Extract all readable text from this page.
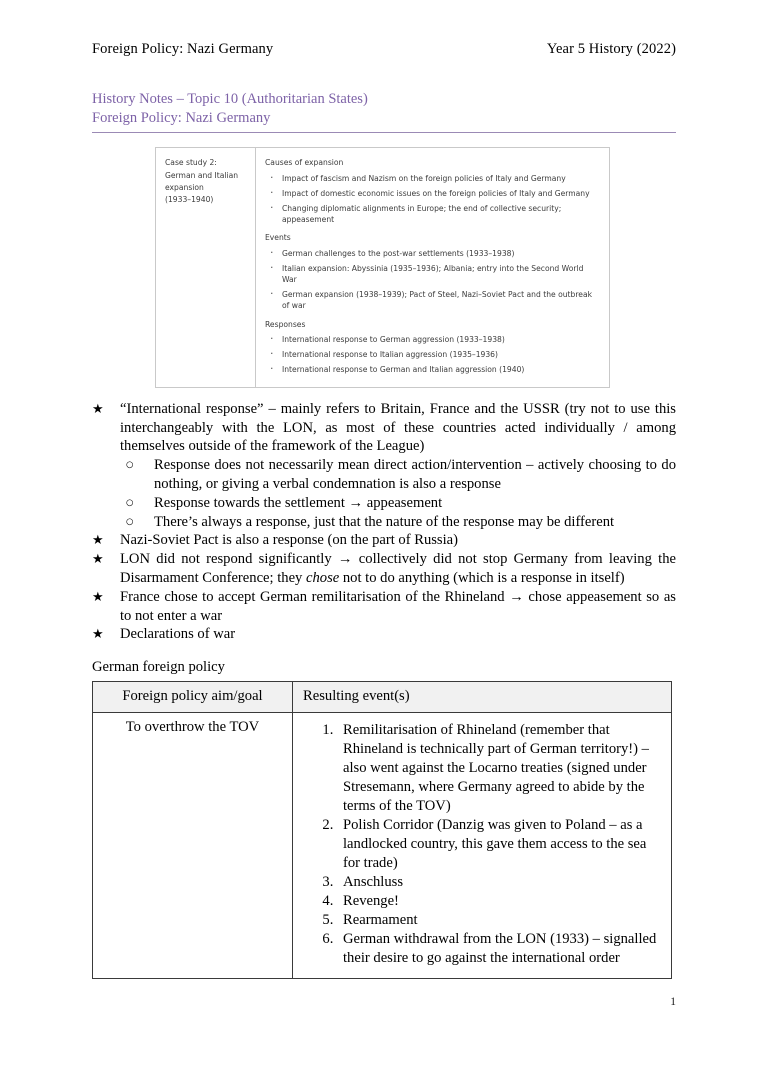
Foreign Policy: Nazi Germany	Year 5 History (2022)
History Notes – Topic 10 (Authoritarian States)
Foreign Policy: Nazi Germany
Case study 2:
German and Italian
expansion
(1933–1940)
Causes of expansion
· Impact of fascism and Nazism on the foreign policies of Italy and Germany
· Impact of domestic economic issues on the foreign policies of Italy and Germany
· Changing diplomatic alignments in Europe; the end of collective security; appeasement
Events
· German challenges to the post-war settlements (1933–1938)
· Italian expansion: Abyssinia (1935–1936); Albania; entry into the Second World War
· German expansion (1938–1939); Pact of Steel, Nazi–Soviet Pact and the outbreak of war
Responses
· International response to German aggression (1933–1938)
· International response to Italian aggression (1935–1936)
· International response to German and Italian aggression (1940)
★ “International response” – mainly refers to Britain, France and the USSR (try not to use this interchangeably with the LON, as most of these countries acted individually / among themselves outside of the framework of the League)
○ Response does not necessarily mean direct action/intervention – actively choosing to do nothing, or giving a verbal condemnation is also a response
○ Response towards the settlement → appeasement
○ There’s always a response, just that the nature of the response may be different
★ Nazi-Soviet Pact is also a response (on the part of Russia)
★ LON did not respond significantly → collectively did not stop Germany from leaving the Disarmament Conference; they chose not to do anything (which is a response in itself)
★ France chose to accept German remilitarisation of the Rhineland → chose appeasement so as to not enter a war
★ Declarations of war
German foreign policy
Foreign policy aim/goal	Resulting event(s)
To overthrow the TOV	
1.Remilitarisation of Rhineland (remember that Rhineland is technically part of German territory!) – also went against the Locarno treaties (signed under Stresemann, where Germany agreed to abide by the terms of the TOV)
2. Polish Corridor (Danzig was given to Poland – as a landlocked country, this gave them access to the sea for trade)
3. Anschluss
4. Revenge!
5. Rearmament
6. German withdrawal from the LON (1933) – signalled their desire to go against the international order
1
